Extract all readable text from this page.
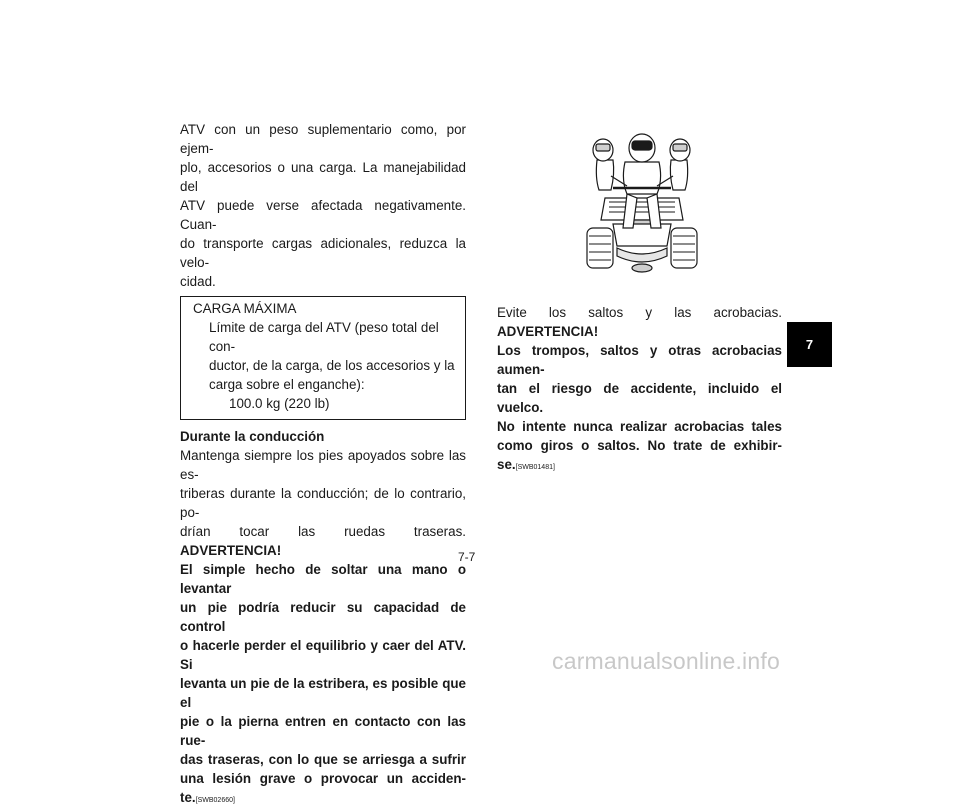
ATV con un peso suplementario como, por ejem-

plo, accesorios o una carga. La manejabilidad del

ATV puede verse afectada negativamente. Cuan-

do transporte cargas adicionales, reduzca la velo-

cidad.

CARGA MÁXIMA
Límite de carga del ATV (peso total del con-
ductor, de la carga, de los accesorios y la
carga sobre el enganche):
100.0 kg (220 lb)
Durante la conducción

Mantenga siempre los pies apoyados sobre las es-

triberas durante la conducción; de lo contrario, po-

drían tocar las ruedas traseras. ADVERTENCIA!

El simple hecho de soltar una mano o levantar

un pie podría reducir su capacidad de control

o hacerle perder el equilibrio y caer del ATV. Si

levanta un pie de la estribera, es posible que el

pie o la pierna entren en contacto con las rue-

das traseras, con lo que se arriesga a sufrir

una lesión grave o provocar un acciden-

te.[SWB02660]

Evite los saltos y las acrobacias. ADVERTENCIA!

Los trompos, saltos y otras acrobacias aumen-

tan el riesgo de accidente, incluido el vuelco.

No intente nunca realizar acrobacias tales

como giros o saltos. No trate de exhibir-

se.[SWB01481]

7
7-7
carmanualsonline.info
